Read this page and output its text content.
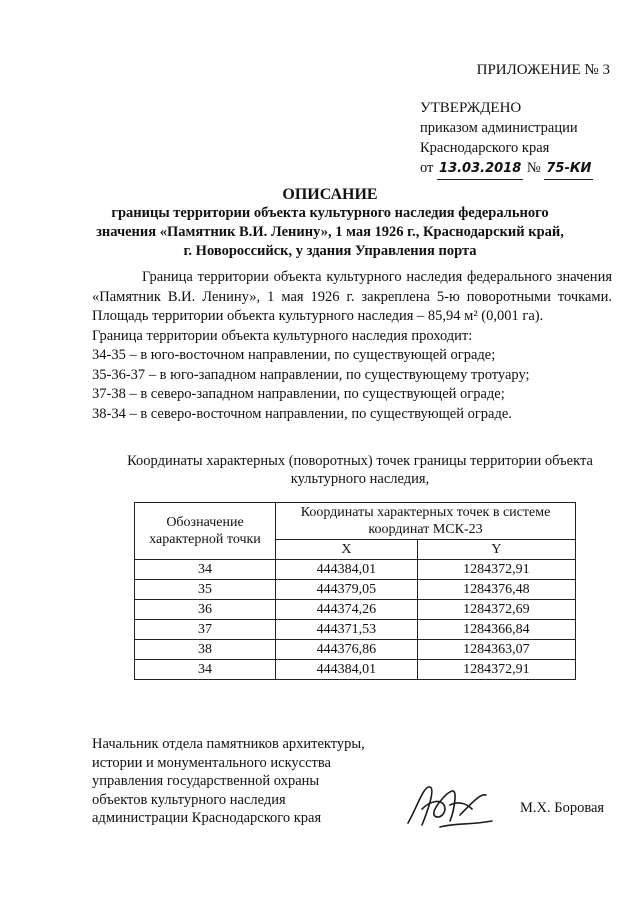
ПРИЛОЖЕНИЕ № 3
УТВЕРЖДЕНО
приказом администрации
Краснодарского края
от 13.03.2018 № 75-КИ
ОПИСАНИЕ
границы территории объекта культурного наследия федерального
значения «Памятник В.И. Ленину», 1 мая 1926 г., Краснодарский край,
г. Новороссийск, у здания Управления порта

Граница территории объекта культурного наследия федерального значения «Памятник В.И. Ленину», 1 мая 1926 г. закреплена 5-ю поворотными точками. Площадь территории объекта культурного наследия – 85,94 м² (0,001 га).

Граница территории объекта культурного наследия проходит:

34-35 – в юго-восточном направлении, по существующей ограде;

35-36-37 – в юго-западном направлении, по существующему тротуару;

37-38 – в северо-западном направлении, по существующей ограде;

38-34 – в северо-восточном направлении, по существующей ограде.

Координаты характерных (поворотных) точек границы территории объекта
культурного наследия,
Обозначение характерной точки	Координаты характерных точек в системе координат МСК-23	
	X	Y
34	444384,01	1284372,91
35	444379,05	1284376,48
36	444374,26	1284372,69
37	444371,53	1284366,84
38	444376,86	1284363,07
34	444384,01	1284372,91
Начальник отдела памятников архитектуры,
истории и монументального искусства
управления государственной охраны
объектов культурного наследия
администрации Краснодарского края
М.Х. Боровая
